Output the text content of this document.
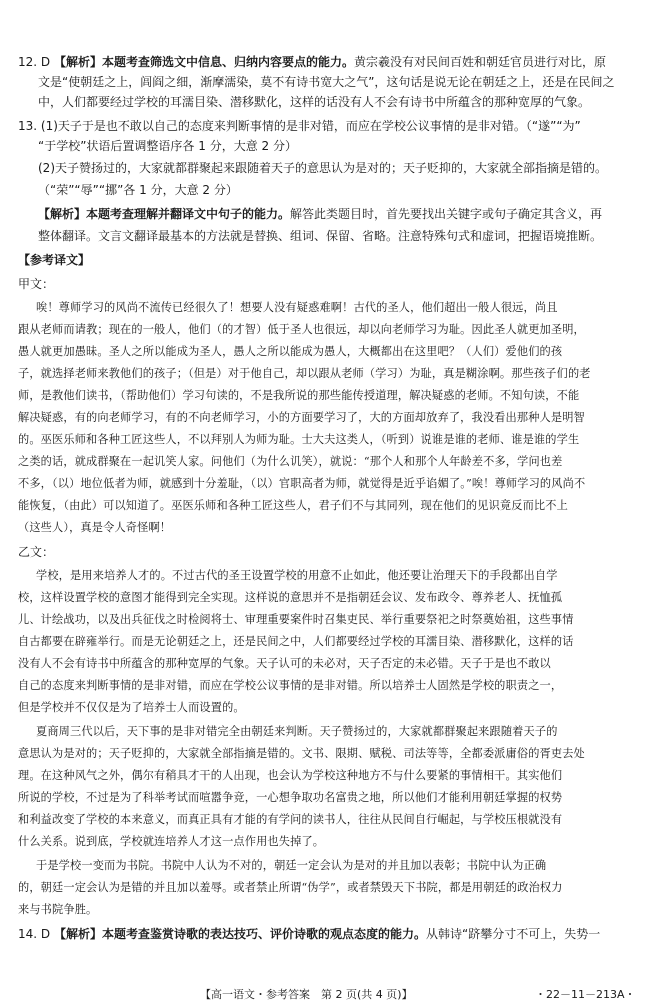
12. D 【解析】本题考查筛选文中信息、归纳内容要点的能力。黄宗羲没有对民间百姓和朝廷官员进行对比，原
文是“使朝廷之上，闾阎之细，渐摩濡染，莫不有诗书宽大之气”，这句话是说无论在朝廷之上，还是在民间之
中，人们都要经过学校的耳濡目染、潜移默化，这样的话没有人不会有诗书中所蕴含的那种宽厚的气象。
13. (1)天子于是也不敢以自己的态度来判断事情的是非对错，而应在学校公议事情的是非对错。（“遂”“为”
“于学校”状语后置调整语序各 1 分，大意 2 分）
(2)天子赞扬过的，大家就都群聚起来跟随着天子的意思认为是对的；天子贬抑的，大家就全部指摘是错的。
（“荣”“辱”“挪”各 1 分，大意 2 分）
【解析】本题考查理解并翻译文中句子的能力。解答此类题目时，首先要找出关键字或句子确定其含义，再
整体翻译。文言文翻译最基本的方法就是替换、组词、保留、省略。注意特殊句式和虚词，把握语境推断。
【参考译文】
甲文：
唉！尊师学习的风尚不流传已经很久了！想要人没有疑惑难啊！古代的圣人，他们超出一般人很远，尚且
跟从老师而请教；现在的一般人，他们（的才智）低于圣人也很远，却以向老师学习为耻。因此圣人就更加圣明，
愚人就更加愚昧。圣人之所以能成为圣人，愚人之所以能成为愚人，大概都出在这里吧？（人们）爱他们的孩
子，就选择老师来教他们的孩子；（但是）对于他自己，却以跟从老师（学习）为耻，真是糊涂啊。那些孩子们的老
师，是教他们读书，（帮助他们）学习句读的，不是我所说的那些能传授道理，解决疑惑的老师。不知句读，不能
解决疑惑，有的向老师学习，有的不向老师学习，小的方面要学习了，大的方面却放弃了，我没看出那种人是明智
的。巫医乐师和各种工匠这些人，不以拜别人为师为耻。士大夫这类人，（听到）说谁是谁的老师、谁是谁的学生
之类的话，就成群聚在一起讥笑人家。问他们（为什么讥笑），就说：“那个人和那个人年龄差不多，学问也差
不多，（以）地位低者为师，就感到十分羞耻，（以）官职高者为师，就觉得是近乎谄媚了。”唉！尊师学习的风尚不
能恢复，（由此）可以知道了。巫医乐师和各种工匠这些人，君子们不与其同列，现在他们的见识竟反而比不上
（这些人），真是令人奇怪啊！
乙文：
学校，是用来培养人才的。不过古代的圣王设置学校的用意不止如此，他还要让治理天下的手段都出自学
校，这样设置学校的意图才能得到完全实现。这样说的意思并不是指朝廷会议、发布政令、尊养老人、抚恤孤
儿、计绘战功，以及出兵征伐之时检阅将士、审理重要案件时召集吏民、举行重要祭祀之时祭奠始祖，这些事情
自古都要在辟雍举行。而是无论朝廷之上，还是民间之中，人们都要经过学校的耳濡目染、潜移默化，这样的话
没有人不会有诗书中所蕴含的那种宽厚的气象。天子认可的未必对，天子否定的未必错。天子于是也不敢以
自己的态度来判断事情的是非对错，而应在学校公议事情的是非对错。所以培养士人固然是学校的职责之一，
但是学校并不仅仅是为了培养士人而设置的。
夏商周三代以后，天下事的是非对错完全由朝廷来判断。天子赞扬过的，大家就都群聚起来跟随着天子的
意思认为是对的；天子贬抑的，大家就全部指摘是错的。文书、限期、赋税、司法等等，全都委派庸俗的胥吏去处
理。在这种风气之外，偶尔有稍具才干的人出现，也会认为学校这种地方不与什么要紧的事情相干。其实他们
所说的学校，不过是为了科举考试而喧嚣争竞，一心想争取功名富贵之地，所以他们才能利用朝廷掌握的权势
和利益改变了学校的本来意义，而真正具有才能的有学问的读书人，往往从民间自行崛起，与学校压根就没有
什么关系。说到底，学校就连培养人才这一点作用也失掉了。
于是学校一变而为书院。书院中人认为不对的，朝廷一定会认为是对的并且加以表彰；书院中认为正确
的，朝廷一定会认为是错的并且加以羞辱。或者禁止所谓“伪学”，或者禁毁天下书院，都是用朝廷的政治权力
来与书院争胜。
14. D 【解析】本题考查鉴赏诗歌的表达技巧、评价诗歌的观点态度的能力。从韩诗“跻攀分寸不可上，失势一
【高一语文・参考答案　第 2 页(共 4 页)】	・22－11－213A・
